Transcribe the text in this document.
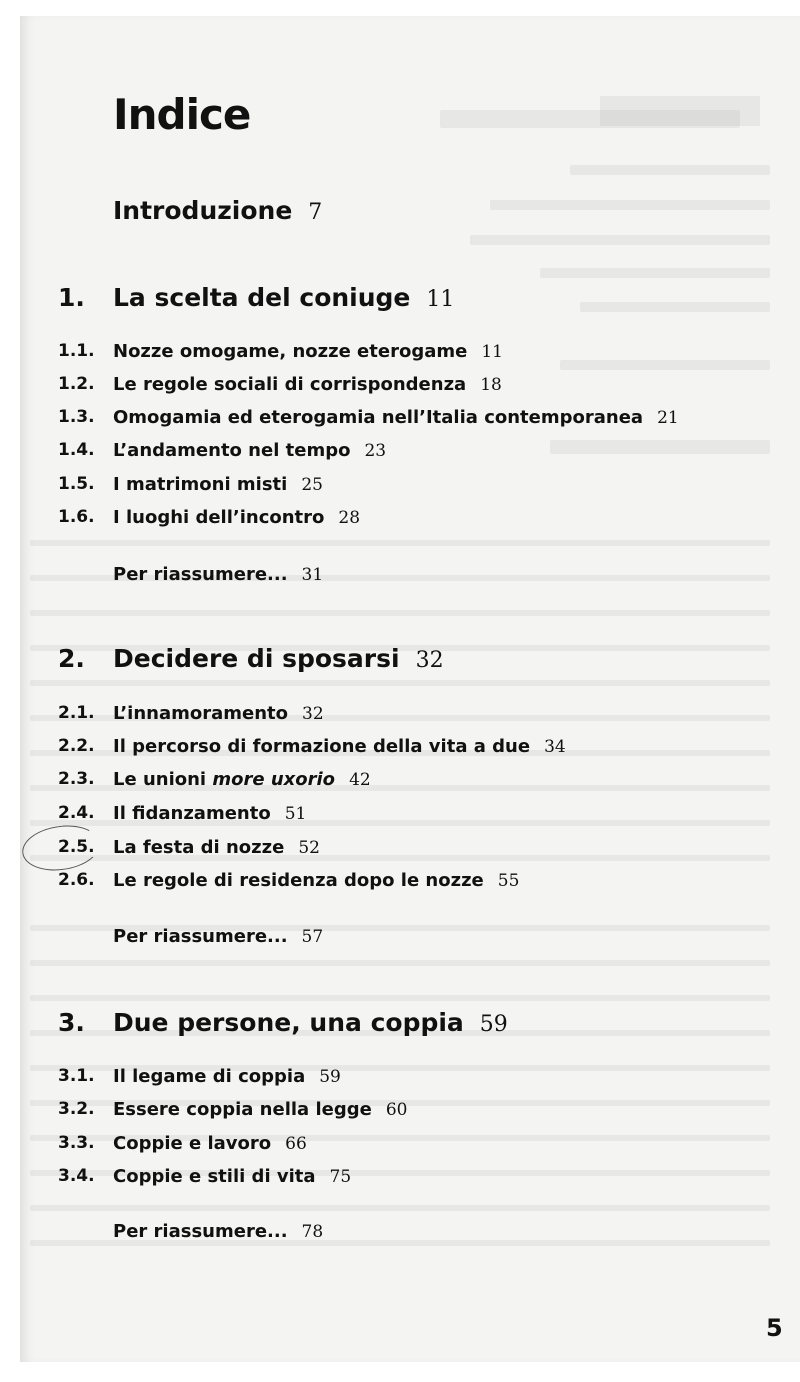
Indice
Introduzione 7
1. La scelta del coniuge 11
1.1. Nozze omogame, nozze eterogame 11
1.2. Le regole sociali di corrispondenza 18
1.3. Omogamia ed eterogamia nell’Italia contemporanea 21
1.4. L’andamento nel tempo 23
1.5. I matrimoni misti 25
1.6. I luoghi dell’incontro 28
Per riassumere... 31
2. Decidere di sposarsi 32
2.1. L’innamoramento 32
2.2. Il percorso di formazione della vita a due 34
2.3. Le unioni more uxorio 42
2.4. Il fidanzamento 51
2.5. La festa di nozze 52
2.6. Le regole di residenza dopo le nozze 55
Per riassumere... 57
3. Due persone, una coppia 59
3.1. Il legame di coppia 59
3.2. Essere coppia nella legge 60
3.3. Coppie e lavoro 66
3.4. Coppie e stili di vita 75
Per riassumere... 78
5
